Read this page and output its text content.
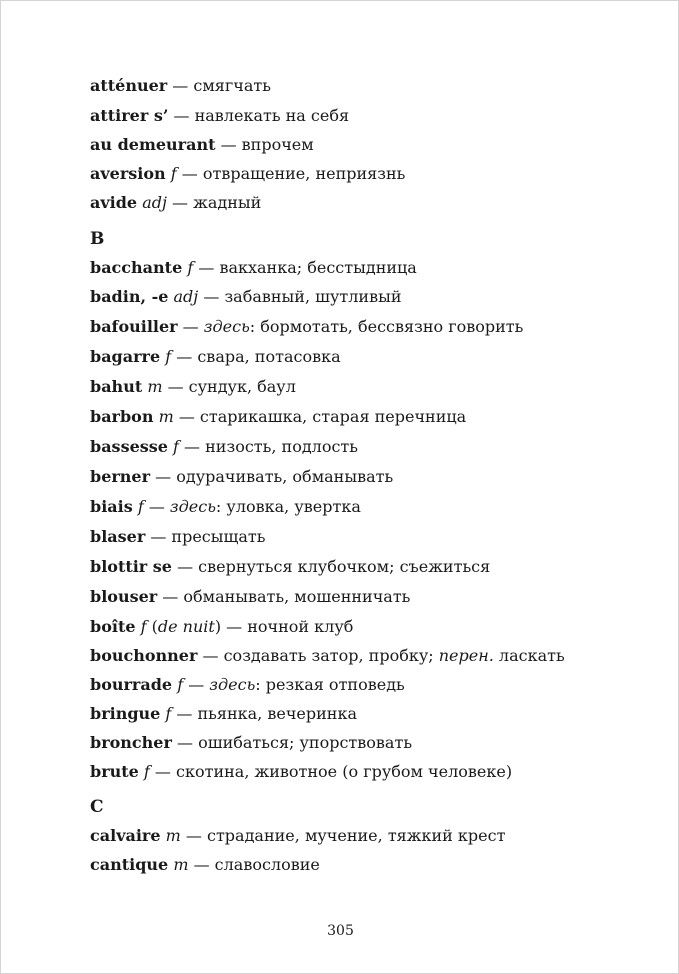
atténuer — смягчать
attirer s’ — навлекать на себя
au demeurant — впрочем
aversion f — отвращение, неприязнь
avide adj — жадный
B
bacchante f — вакханка; бесстыдница
badin, -e adj — забавный, шутливый
bafouiller — здесь: бормотать, бессвязно говорить
bagarre f — свара, потасовка
bahut m — сундук, баул
barbon m — старикашка, старая перечница
bassesse f — низость, подлость
berner — одурачивать, обманывать
biais f — здесь: уловка, увертка
blaser — пресыщать
blottir se — свернуться клубочком; съежиться
blouser — обманывать, мошенничать
boîte f (de nuit) — ночной клуб
bouchonner — создавать затор, пробку; перен. ласкать
bourrade f — здесь: резкая отповедь
bringue f — пьянка, вечеринка
broncher — ошибаться; упорствовать
brute f — скотина, животное (о грубом человеке)
C
calvaire m — страдание, мучение, тяжкий крест
cantique m — славословие
305
